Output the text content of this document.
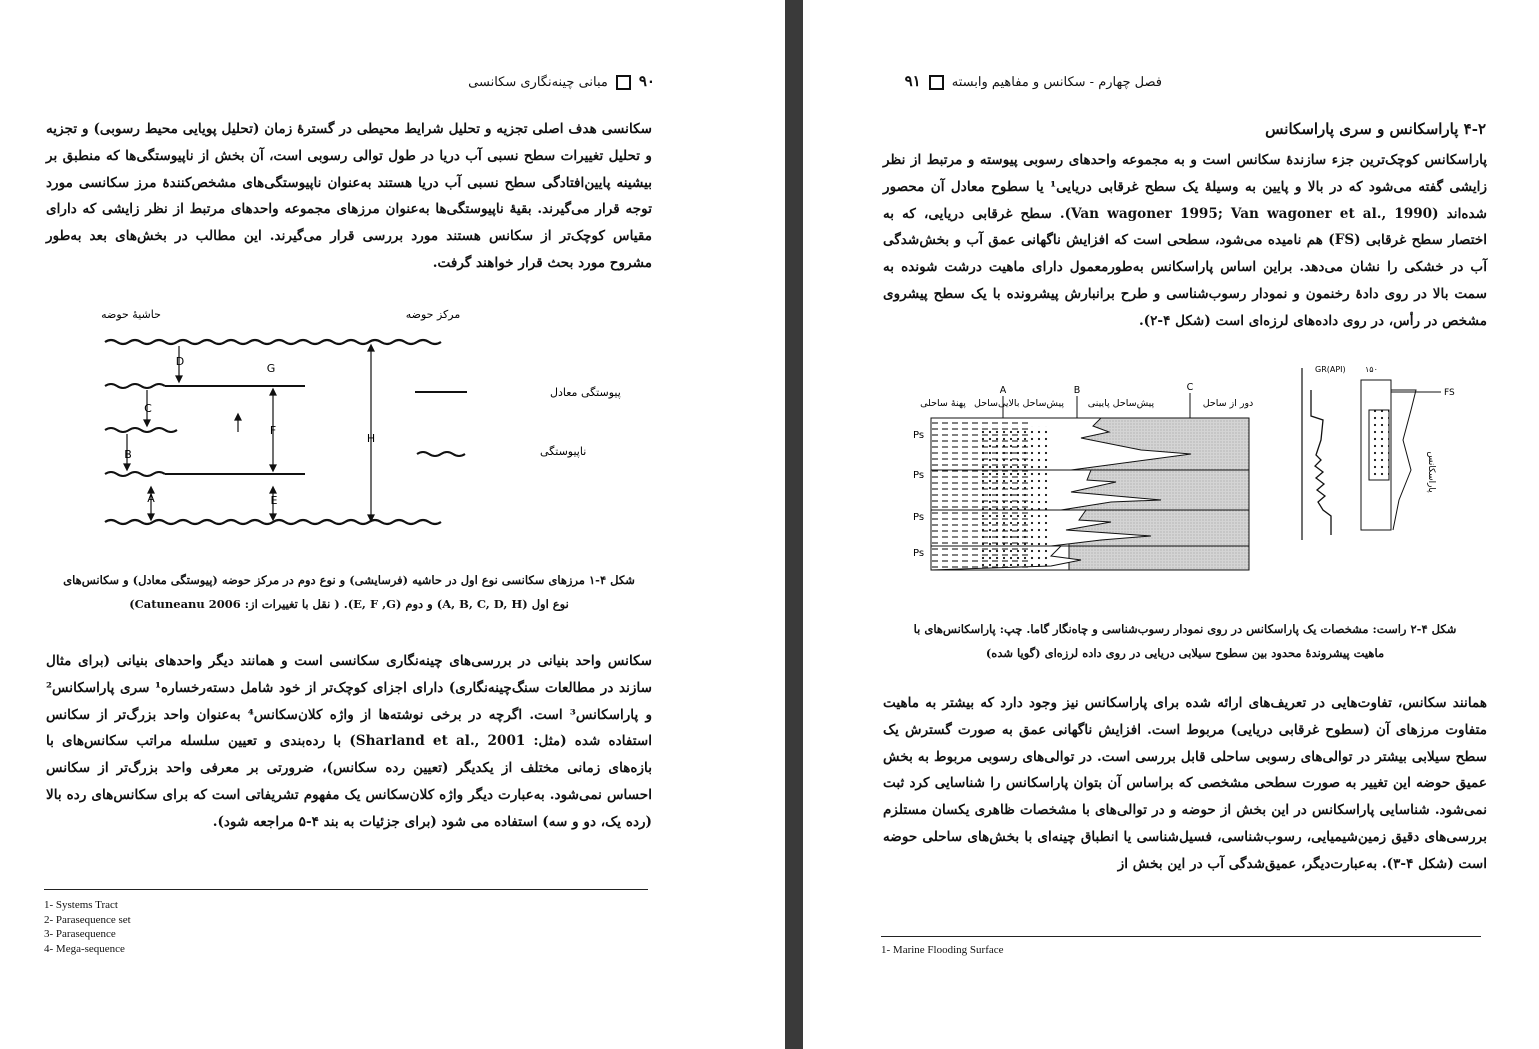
۹۰مبانی چینه‌نگاری سکانسی

سکانسی هدف اصلی تجزیه و تحلیل شرایط محیطی در گسترهٔ زمان (تحلیل پویایی محیط رسوبی) و تجزیه و تحلیل تغییرات سطح نسبی آب دریا در طول توالی رسوبی است، آن بخش از ناپیوستگی‌ها که منطبق بر بیشینه پایین‌افتادگی سطح نسبی آب دریا هستند به‌عنوان ناپیوستگی‌های مشخص‌کنندهٔ مرز سکانسی مورد توجه قرار می‌گیرند. بقیهٔ ناپیوستگی‌ها به‌عنوان مرزهای مجموعه واحدهای مرتبط از نظر زایشی که دارای مقیاس کوچک‌تر از سکانس هستند مورد بررسی قرار می‌گیرند. این مطالب در بخش‌های بعد به‌طور مشروح مورد بحث قرار خواهند گرفت.

حاشیهٔ حوضه	مرکز حوضه
D
G
C
F
H
B
A	E
پیوستگی معادل
ناپیوستگی
شکل ۴-۱ مرزهای سکانسی نوع اول در حاشیه (فرسایشی) و نوع دوم در مرکز حوضه (پیوستگی معادل) و سکانس‌های
نوع اول (A, B, C, D, H) و دوم (E, F ,G). ( نقل با تغییرات از: Catuneanu 2006)

سکانس واحد بنیانی در بررسی‌های چینه‌نگاری سکانسی است و همانند دیگر واحدهای بنیانی (برای مثال سازند در مطالعات سنگ‌چینه‌نگاری) دارای اجزای کوچک‌تر از خود شامل دسته‌رخساره¹ سری پاراسکانس² و پاراسکانس³ است. اگرچه در برخی نوشته‌ها از واژه کلان‌سکانس⁴ به‌عنوان واحد بزرگ‌تر از سکانس استفاده شده (مثل: Sharland et al., 2001) با ردەبندی و تعیین سلسله مراتب سکانس‌های با بازه‌های زمانی مختلف از یکدیگر (تعیین رده سکانس)، ضرورتی بر معرفی واحد بزرگ‌تر از سکانس احساس نمی‌شود. به‌عبارت دیگر واژه کلان‌سکانس یک مفهوم تشریفاتی است که برای سکانس‌های رده بالا (رده یک، دو و سه) استفاده می شود (برای جزئیات به بند ۴-۵ مراجعه شود).

1- Systems Tract
2- Parasequence set
3- Parasequence
4- Mega-sequence
فصل چهارم - سکانس و مفاهیم وابسته۹۱
۴-۲ پاراسکانس و سری پاراسکانس

پاراسکانس کوچک‌ترین جزء سازندهٔ سکانس است و به مجموعه واحدهای رسوبی پیوسته و مرتبط از نظر زایشی گفته می‌شود که در بالا و پایین به وسیلهٔ یک سطح غرقابی دریایی¹ یا سطوح معادل آن محصور شده‌اند (Van wagoner 1995; Van wagoner et al., 1990). سطح غرقابی دریایی، که به اختصار سطح غرقابی (FS) هم نامیده می‌شود، سطحی است که افزایش ناگهانی عمق آب و بخش‌شدگی آب در خشکی را نشان می‌دهد. براین اساس پاراسکانس به‌طورمعمول دارای ماهیت درشت شونده به سمت بالا در روی دادهٔ رخنمون و نمودار رسوب‌شناسی و طرح برانبارش پیشرونده با یک سطح پیشروی مشخص در رأس، در روی داده‌های لرزه‌ای است (شکل ۴-۲).

پهنهٔ ساحلی ساحل پیش‌ساحل بالایی	پیش‌ساحل پایینی	دور از ساحل
A	B	C
Ps
Ps
Ps
Ps
GR(API) ۱۵۰
FS
پاراسکانس
شکل ۴-۲ راست: مشخصات یک پاراسکانس در روی نمودار رسوب‌شناسی و چاه‌نگار گاما. چپ: پاراسکانس‌های با
ماهیت پیشروندهٔ محدود بین سطوح سیلابی دریایی در روی داده لرزه‌ای (گویا شده)

همانند سکانس، تفاوت‌هایی در تعریف‌های ارائه شده برای پاراسکانس نیز وجود دارد که بیشتر به ماهیت متفاوت مرزهای آن (سطوح غرقابی دریایی) مربوط است. افزایش ناگهانی عمق به صورت گسترش یک سطح سیلابی بیشتر در توالی‌های رسوبی ساحلی قابل بررسی است. در توالی‌های رسوبی مربوط به بخش عمیق حوضه این تغییر به صورت سطحی مشخصی که براساس آن بتوان پاراسکانس را شناسایی کرد ثبت نمی‌شود. شناسایی پاراسکانس در این بخش از حوضه و در توالی‌های با مشخصات ظاهری یکسان مستلزم بررسی‌های دقیق زمین‌شیمیایی، رسوب‌شناسی، فسیل‌شناسی یا انطباق چینه‌ای با بخش‌های ساحلی حوضه است (شکل ۴-۳). به‌عبارت‌دیگر، عمیق‌شدگی آب در این بخش از

1- Marine Flooding Surface
